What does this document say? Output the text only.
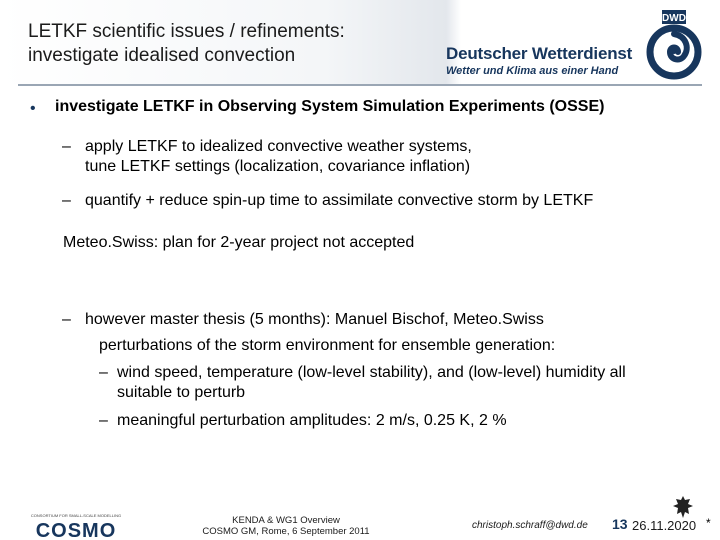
LETKF scientific issues / refinements:
investigate idealised convection	Deutscher Wetterdienst
Wetter und Klima aus einer Hand
DWD
• investigate LETKF in Observing System Simulation Experiments (OSSE)
– apply LETKF to idealized convective weather systems,
tune LETKF settings (localization, covariance inflation)
– quantify + reduce spin-up time to assimilate convective storm by LETKF
Meteo.Swiss: plan for 2-year project not accepted
– however master thesis (5 months): Manuel Bischof, Meteo.Swiss
perturbations of the storm environment for ensemble generation:
– wind speed, temperature (low-level stability), and (low-level) humidity all
suitable to perturb
– meaningful perturbation amplitudes: 2 m/s, 0.25 K, 2 %
CONSORTIUM FOR SMALL-SCALE MODELLING
COSMO	KENDA & WG1 Overview
COSMO GM, Rome, 6 September 2011
christoph.schraff@dwd.de 13 26.11.2020 *
